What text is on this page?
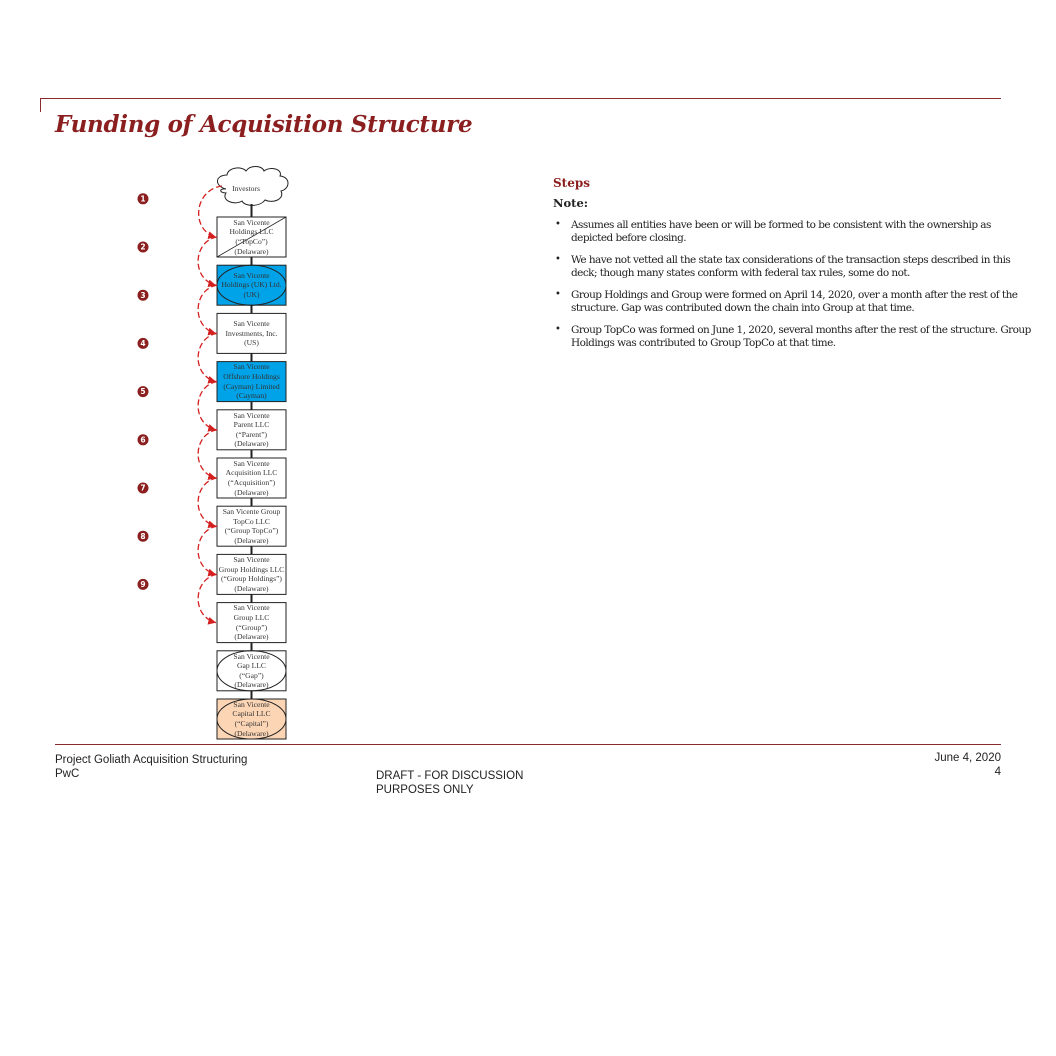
Funding of Acquisition Structure
Investors
1
2
3
4
5
6
7
8
9
San Vicente
Holdings LLC
(“TopCo”)
(Delaware)
San Vicente
Holdings (UK) Ltd.
(UK)
San Vicente
Investments, Inc.
(US)
San Vicente
Offshore Holdings
(Cayman) Limited
(Cayman)
San Vicente
Parent LLC
(“Parent”)
(Delaware)
San Vicente
Acquisition LLC
(“Acquisition”)
(Delaware)
San Vicente Group
TopCo LLC
(“Group TopCo”)
(Delaware)
San Vicente
Group Holdings LLC
(“Group Holdings”)
(Delaware)
San Vicente
Group LLC
(“Group”)
(Delaware)
San Vicente
Gap LLC
(“Gap”)
(Delaware)
San Vicente
Capital LLC
(“Capital”)
(Delaware)
Steps
Note:
• Assumes all entities have been or will be formed to be consistent with the ownership as depicted before closing.
• We have not vetted all the state tax considerations of the transaction steps described in this deck; though many states conform with federal tax rules, some do not.
• Group Holdings and Group were formed on April 14, 2020, over a month after the rest of the structure. Gap was contributed down the chain into Group at that time.
• Group TopCo was formed on June 1, 2020, several months after the rest of the structure. Group Holdings was contributed to Group TopCo at that time.
Project Goliath Acquisition Structuring
PwC	DRAFT - FOR DISCUSSION
PURPOSES ONLY
June 4, 2020
4
